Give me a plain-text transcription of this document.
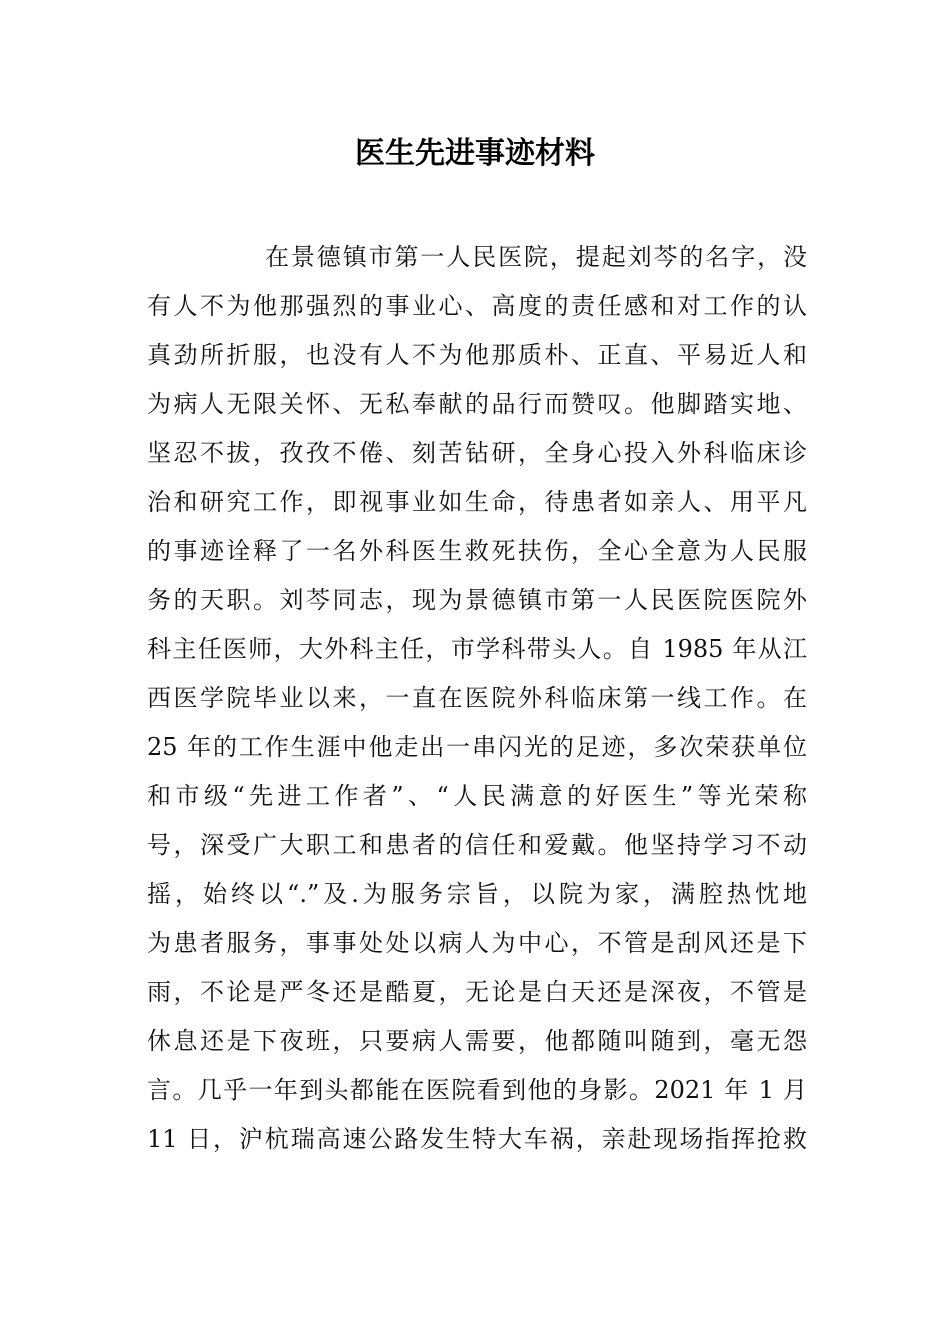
医生先进事迹材料
在景德镇市第一人民医院，提起刘芩的名字，没
有人不为他那强烈的事业心、高度的责任感和对工作的认
真劲所折服，也没有人不为他那质朴、正直、平易近人和
为病人无限关怀、无私奉献的品行而赞叹。他脚踏实地、
坚忍不拔，孜孜不倦、刻苦钻研，全身心投入外科临床诊
治和研究工作，即视事业如生命，待患者如亲人、用平凡
的事迹诠释了一名外科医生救死扶伤，全心全意为人民服
务的天职。刘芩同志，现为景德镇市第一人民医院医院外
科主任医师，大外科主任，市学科带头人。自 1985 年从江
西医学院毕业以来，一直在医院外科临床第一线工作。在
25 年的工作生涯中他走出一串闪光的足迹，多次荣获单位
和市级“先进工作者”、“人民满意的好医生”等光荣称
号，深受广大职工和患者的信任和爱戴。他坚持学习不动
摇，始终以“.”及.为服务宗旨，以院为家，满腔热忱地
为患者服务，事事处处以病人为中心，不管是刮风还是下
雨，不论是严冬还是酷夏，无论是白天还是深夜，不管是
休息还是下夜班，只要病人需要，他都随叫随到，毫无怨
言。几乎一年到头都能在医院看到他的身影。2021 年 1 月
11 日，沪杭瑞高速公路发生特大车祸，亲赴现场指挥抢救
